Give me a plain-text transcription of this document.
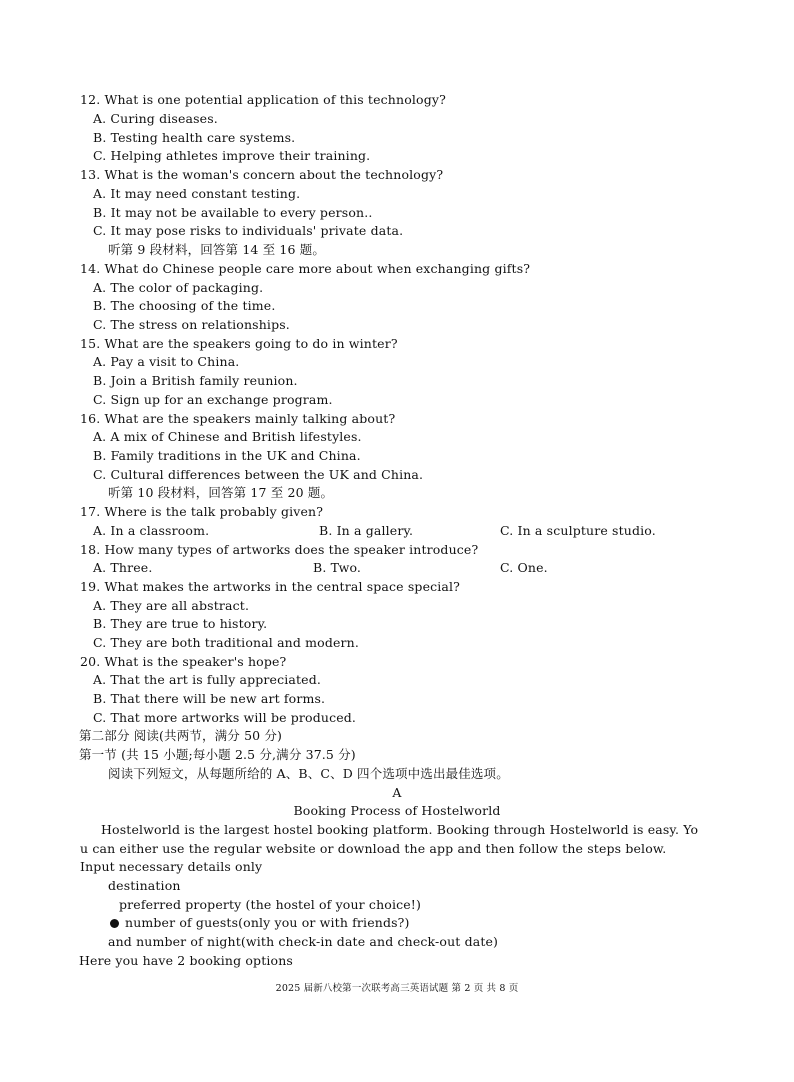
12. What is one potential application of this technology?
A. Curing diseases.
B. Testing health care systems.
C. Helping athletes improve their training.
13. What is the woman's concern about the technology?
A. It may need constant testing.
B. It may not be available to every person..
C. It may pose risks to individuals' private data.
听第 9 段材料，回答第 14 至 16 题。
14. What do Chinese people care more about when exchanging gifts?
A. The color of packaging.
B. The choosing of the time.
C. The stress on relationships.
15. What are the speakers going to do in winter?
A. Pay a visit to China.
B. Join a British family reunion.
C. Sign up for an exchange program.
16. What are the speakers mainly talking about?
A. A mix of Chinese and British lifestyles.
B. Family traditions in the UK and China.
C. Cultural differences between the UK and China.
听第 10 段材料，回答第 17 至 20 题。
17. Where is the talk probably given?

A. In a classroom.

	B. In a gallery.

	C. In a sculpture studio.

18. How many types of artworks does the speaker introduce?

A. Three.

	B. Two.

	C. One.

19. What makes the artworks in the central space special?
A. They are all abstract.
B. They are true to history.
C. They are both traditional and modern.
20. What is the speaker's hope?
A. That the art is fully appreciated.
B. That there will be new art forms.
C. That more artworks will be produced.
第二部分 阅读(共两节，满分 50 分)
第一节 (共 15 小题;每小题 2.5 分,满分 37.5 分)
阅读下列短文，从每题所给的 A、B、C、D 四个选项中选出最佳选项。
A
Booking Process of Hostelworld
Hostelworld is the largest hostel booking platform. Booking through Hostelworld is easy. Yo
u can either use the regular website or download the app and then follow the steps below.
Input necessary details only
destination
preferred property (the hostel of your choice!)
number of guests(only you or with friends?)
and number of night(with check-in date and check-out date)
Here you have 2 booking options
2025 届新八校第一次联考高三英语试题 第 2 页 共 8 页
